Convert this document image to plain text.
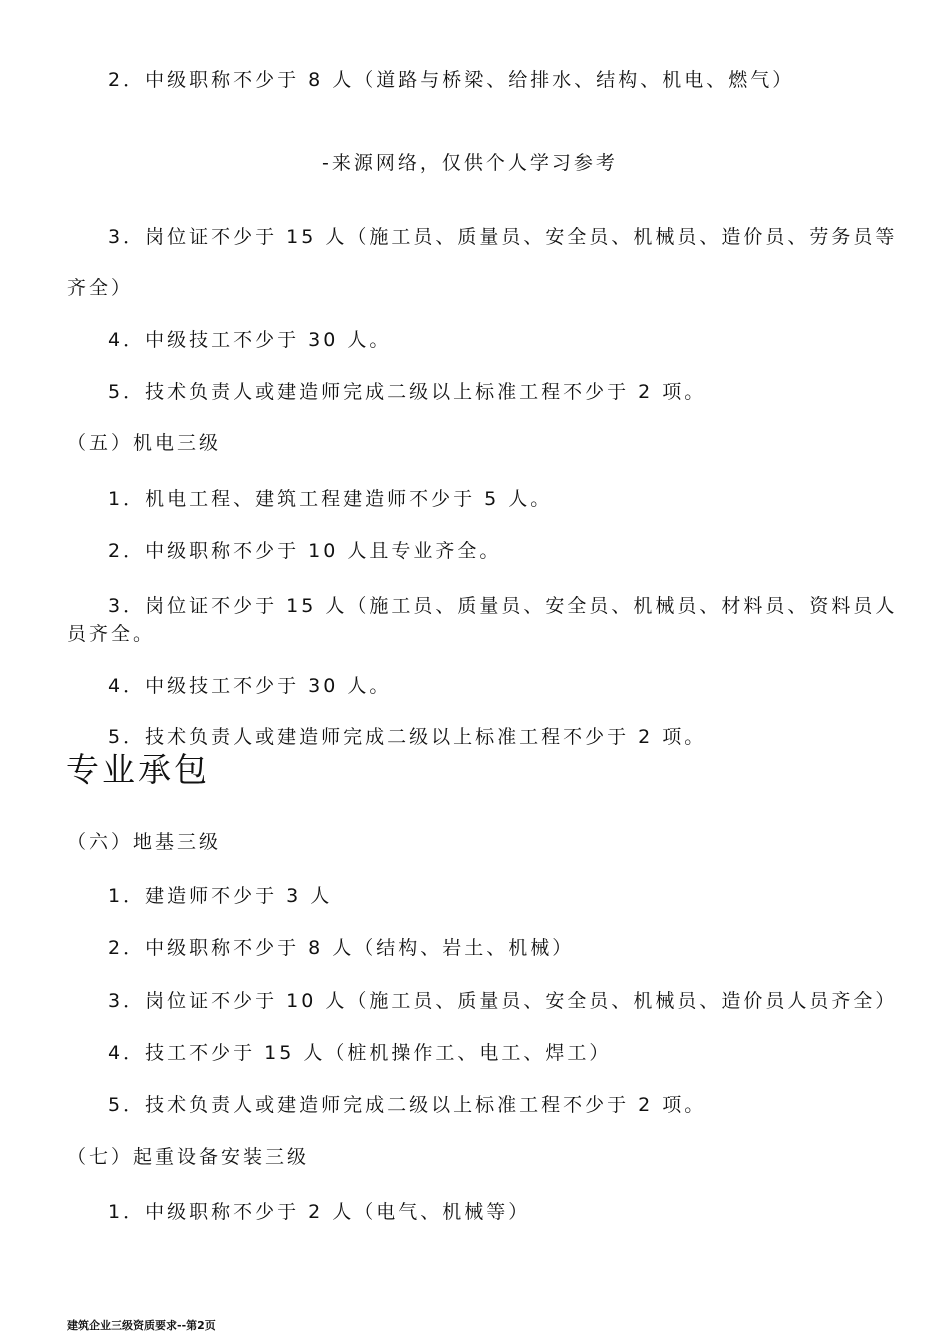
2．中级职称不少于 8 人（道路与桥梁、给排水、结构、机电、燃气）
-来源网络，仅供个人学习参考
3．岗位证不少于 15 人（施工员、质量员、安全员、机械员、造价员、劳务员等
齐全）
4．中级技工不少于 30 人。
5．技术负责人或建造师完成二级以上标准工程不少于 2 项。
（五）机电三级
1．机电工程、建筑工程建造师不少于 5 人。
2．中级职称不少于 10 人且专业齐全。
3．岗位证不少于 15 人（施工员、质量员、安全员、机械员、材料员、资料员人
员齐全。
4．中级技工不少于 30 人。
5．技术负责人或建造师完成二级以上标准工程不少于 2 项。
专业承包
（六）地基三级
1．建造师不少于 3 人
2．中级职称不少于 8 人（结构、岩土、机械）
3．岗位证不少于 10 人（施工员、质量员、安全员、机械员、造价员人员齐全）
4．技工不少于 15 人（桩机操作工、电工、焊工）
5．技术负责人或建造师完成二级以上标准工程不少于 2 项。
（七）起重设备安装三级
1．中级职称不少于 2 人（电气、机械等）
建筑企业三级资质要求--第2页
